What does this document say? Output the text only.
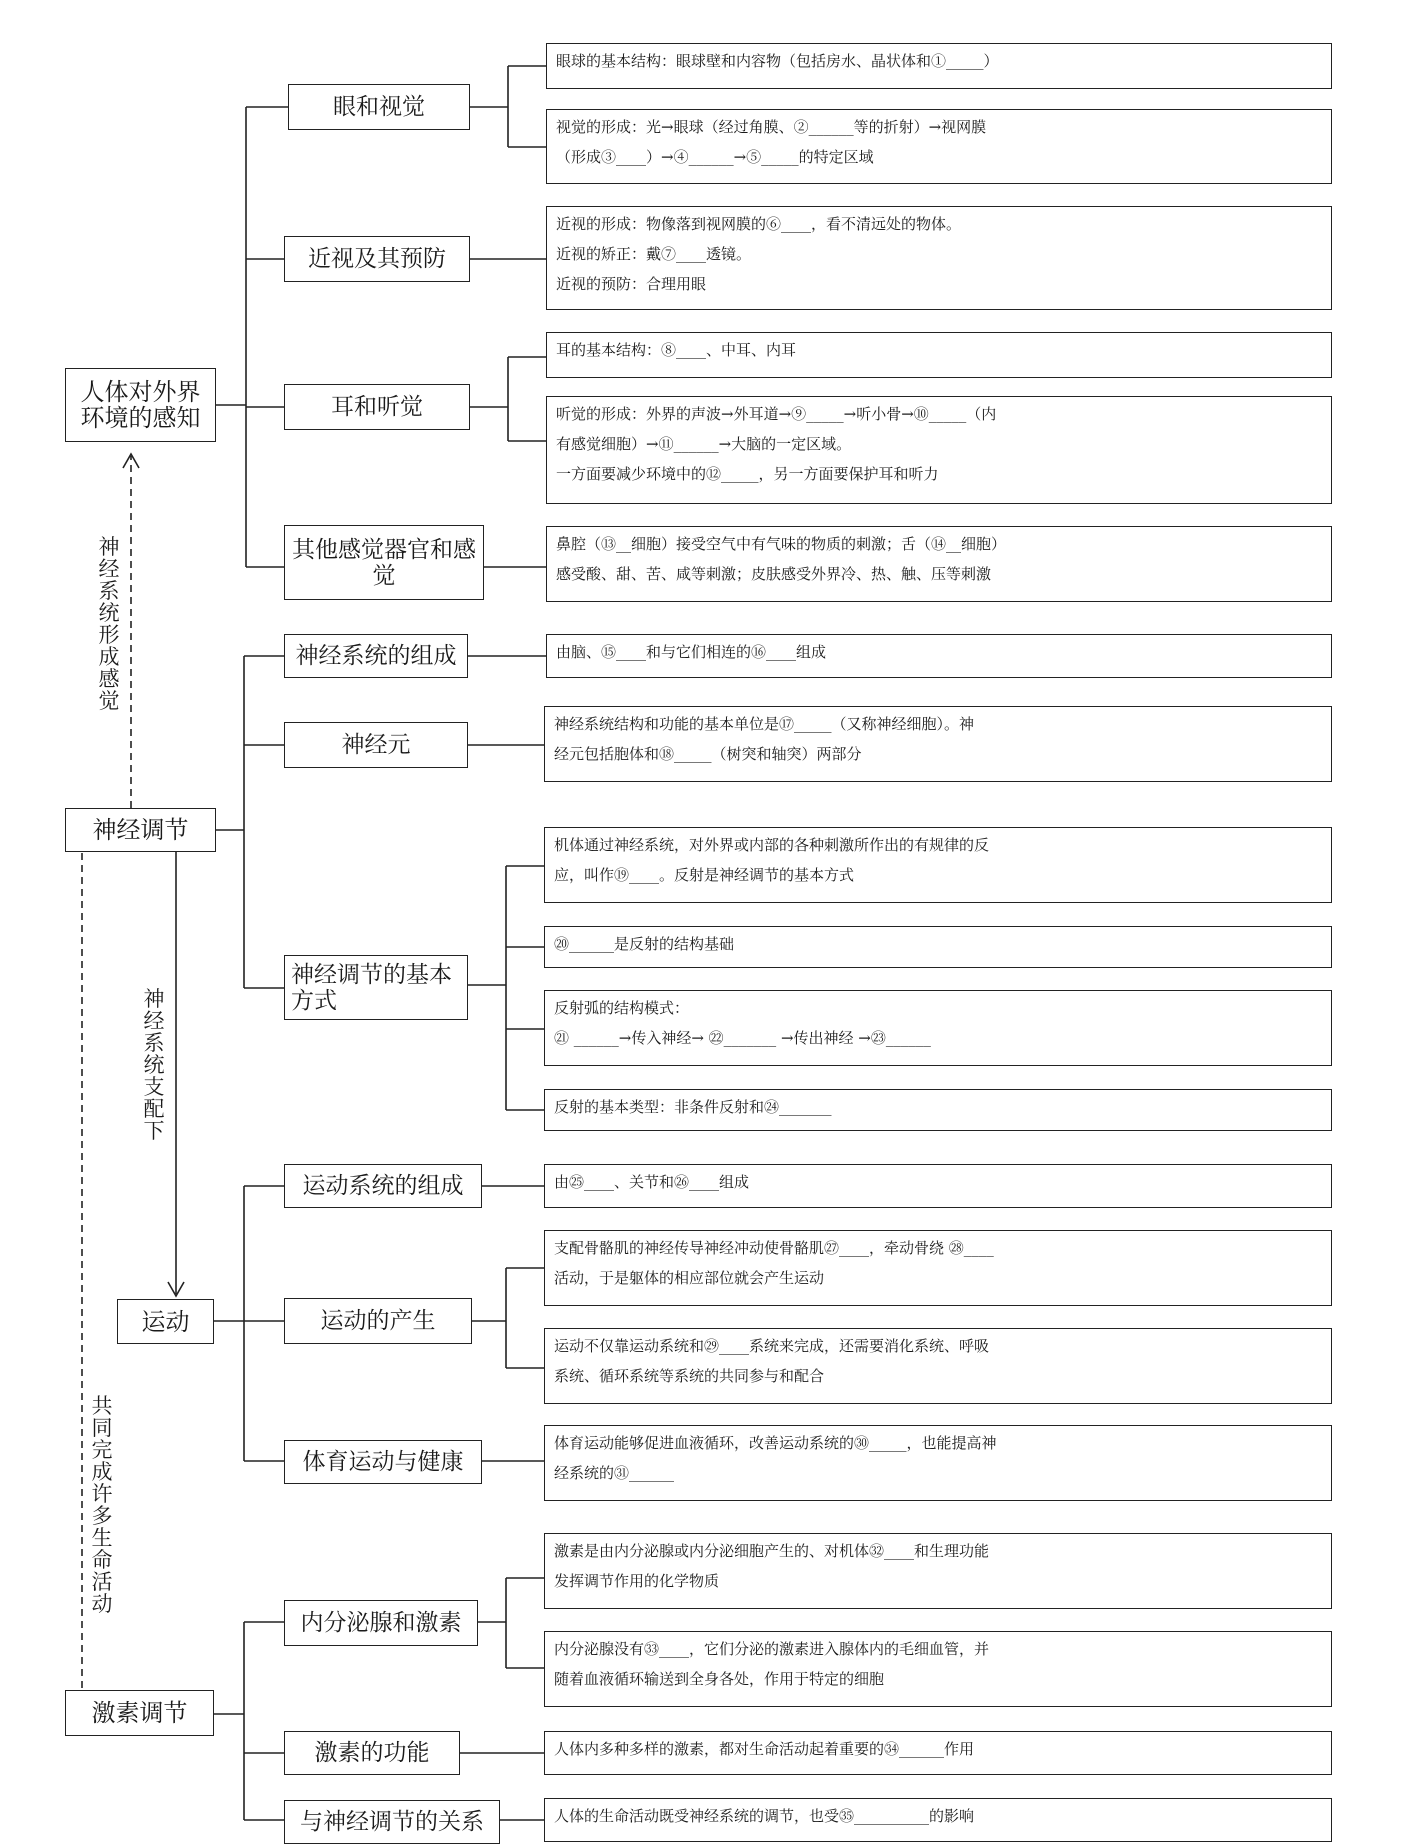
神经系统形成感觉
神经系统支配下
共同完成许多生命活动
人体对外界环境的感知
神经调节
运动
激素调节
眼和视觉
近视及其预防
耳和听觉
其他感觉器官和感觉
眼球的基本结构：眼球壁和内容物（包括房水、晶状体和①_____）
视觉的形成：光→眼球（经过角膜、②______等的折射）→视网膜
（形成③____）→④______→⑤_____的特定区域
近视的形成：物像落到视网膜的⑥____，看不清远处的物体。
近视的矫正：戴⑦____透镜。
近视的预防：合理用眼
耳的基本结构：⑧____、中耳、内耳
听觉的形成：外界的声波→外耳道→⑨_____→听小骨→⑩_____（内
有感觉细胞）→⑪______→大脑的一定区域。
一方面要减少环境中的⑫_____，另一方面要保护耳和听力
鼻腔（⑬__细胞）接受空气中有气味的物质的刺激；舌（⑭__细胞）
感受酸、甜、苦、咸等刺激；皮肤感受外界冷、热、触、压等刺激
神经系统的组成
神经元
神经调节的基本方式
由脑、⑮____和与它们相连的⑯____组成
神经系统结构和功能的基本单位是⑰_____（又称神经细胞）。神
经元包括胞体和⑱_____（树突和轴突）两部分
机体通过神经系统，对外界或内部的各种刺激所作出的有规律的反
应，叫作⑲____。反射是神经调节的基本方式
⑳______是反射的结构基础
反射弧的结构模式：
㉑ ______→传入神经→ ㉒_______ →传出神经 →㉓______
反射的基本类型：非条件反射和㉔_______
运动系统的组成
运动的产生
体育运动与健康
由㉕____、关节和㉖____组成
支配骨骼肌的神经传导神经冲动使骨骼肌㉗____，牵动骨绕 ㉘____
活动，于是躯体的相应部位就会产生运动
运动不仅靠运动系统和㉙____系统来完成，还需要消化系统、呼吸
系统、循环系统等系统的共同参与和配合
体育运动能够促进血液循环，改善运动系统的㉚_____，也能提高神
经系统的㉛______
内分泌腺和激素
激素的功能
与神经调节的关系
激素是由内分泌腺或内分泌细胞产生的、对机体㉜____和生理功能
发挥调节作用的化学物质
内分泌腺没有㉝____，它们分泌的激素进入腺体内的毛细血管，并
随着血液循环输送到全身各处，作用于特定的细胞
人体内多种多样的激素，都对生命活动起着重要的㉞______作用
人体的生命活动既受神经系统的调节，也受㉟__________的影响
